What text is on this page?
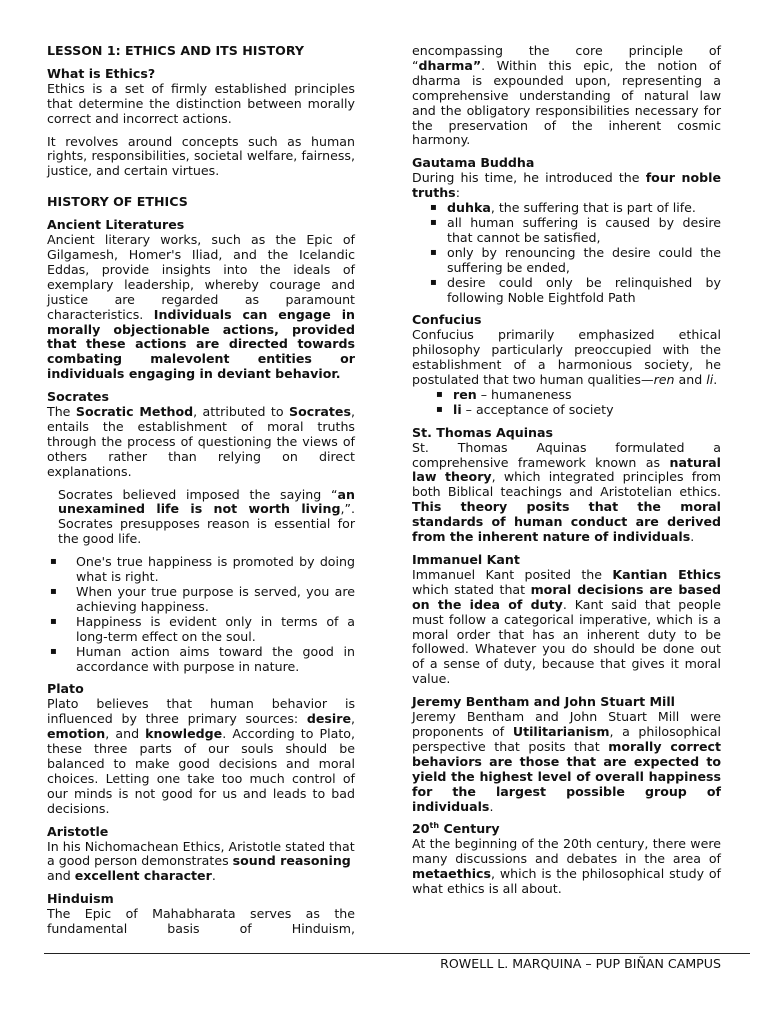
LESSON 1: ETHICS AND ITS HISTORY
What is Ethics?

Ethics is a set of firmly established principles that determine the distinction between morally correct and incorrect actions.

It revolves around concepts such as human rights, responsibilities, societal welfare, fairness, justice, and certain virtues.

HISTORY OF ETHICS
Ancient Literatures

Ancient literary works, such as the Epic of Gilgamesh, Homer's Iliad, and the Icelandic Eddas, provide insights into the ideals of exemplary leadership, whereby courage and justice are regarded as paramount characteristics. Individuals can engage in morally objectionable actions, provided that these actions are directed towards combating malevolent entities or individuals engaging in deviant behavior.

Socrates

The Socratic Method, attributed to Socrates, entails the establishment of moral truths through the process of questioning the views of others rather than relying on direct explanations.

Socrates believed imposed the saying “an unexamined life is not worth living,”. Socrates presupposes reason is essential for the good life.

▪ One's true happiness is promoted by doing what is right.
▪ When your true purpose is served, you are achieving happiness.
▪ Happiness is evident only in terms of a long-term effect on the soul.
▪ Human action aims toward the good in accordance with purpose in nature.
Plato

Plato believes that human behavior is influenced by three primary sources: desire, emotion, and knowledge. According to Plato, these three parts of our souls should be balanced to make good decisions and moral choices. Letting one take too much control of our minds is not good for us and leads to bad decisions.

Aristotle

In his Nichomachean Ethics, Aristotle stated that a good person demonstrates sound reasoning and excellent character.

Hinduism

The Epic of Mahabharata serves as the

fundamental basis of Hinduism,

encompassing the core principle of
“dharma”. Within this epic, the notion of dharma is expounded upon, representing a comprehensive understanding of natural law and the obligatory responsibilities necessary for the preservation of the inherent cosmic harmony.

Gautama Buddha

During his time, he introduced the four noble truths:

▪ duhka, the suffering that is part of life.
▪ all human suffering is caused by desire that cannot be satisfied,
▪ only by renouncing the desire could the suffering be ended,
▪ desire could only be relinquished by following Noble Eightfold Path
Confucius

Confucius primarily emphasized ethical philosophy particularly preoccupied with the establishment of a harmonious society, he postulated that two human qualities—ren and li.

▪ ren – humaneness
▪ li – acceptance of society
St. Thomas Aquinas

St. Thomas Aquinas formulated a comprehensive framework known as natural law theory, which integrated principles from both Biblical teachings and Aristotelian ethics. This theory posits that the moral standards of human conduct are derived from the inherent nature of individuals.

Immanuel Kant

Immanuel Kant posited the Kantian Ethics which stated that moral decisions are based on the idea of duty. Kant said that people must follow a categorical imperative, which is a moral order that has an inherent duty to be followed. Whatever you do should be done out of a sense of duty, because that gives it moral value.

Jeremy Bentham and John Stuart Mill

Jeremy Bentham and John Stuart Mill were proponents of Utilitarianism, a philosophical perspective that posits that morally correct behaviors are those that are expected to yield the highest level of overall happiness for the largest possible group of individuals.

20th Century

At the beginning of the 20th century, there were many discussions and debates in the area of metaethics, which is the philosophical study of what ethics is all about.

ROWELL L. MARQUINA – PUP BIÑAN CAMPUS
